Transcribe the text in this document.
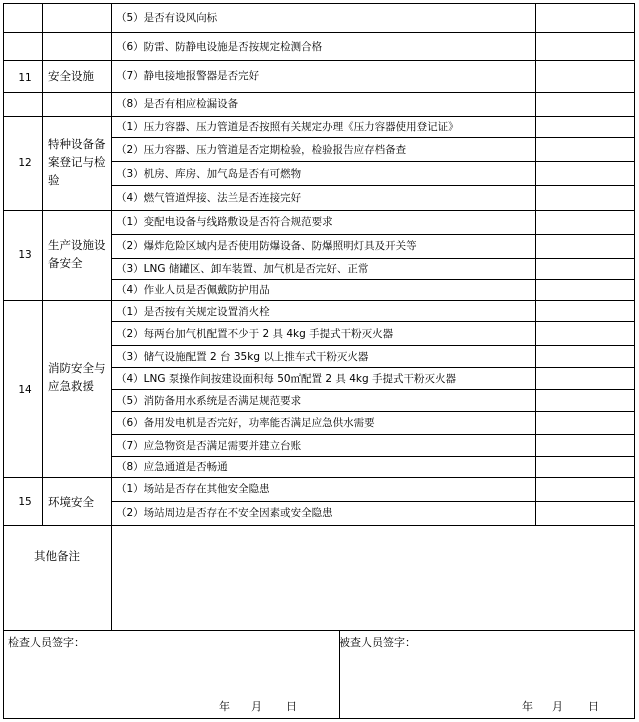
11	安全设施
（5）是否有设风向标
（6）防雷、防静电设施是否按规定检测合格
（7）静电接地报警器是否完好
（8）是否有相应检漏设备
12
特种设备备案登记与检验
（1）压力容器、压力管道是否按照有关规定办理《压力容器使用登记证》
（2）压力容器、压力管道是否定期检验，检验报告应存档备查
（3）机房、库房、加气岛是否有可燃物
（4）燃气管道焊接、法兰是否连接完好
13
生产设施设备安全
（1）变配电设备与线路敷设是否符合规范要求
（2）爆炸危险区域内是否使用防爆设备、防爆照明灯具及开关等
（3）LNG 储罐区、卸车装置、加气机是否完好、正常
（4）作业人员是否佩戴防护用品
14
消防安全与应急救援
（1）是否按有关规定设置消火栓
（2）每两台加气机配置不少于 2 具 4kg 手提式干粉灭火器
（3）储气设施配置 2 台 35kg 以上推车式干粉灭火器
（4）LNG 泵操作间按建设面积每 50㎡配置 2 具 4kg 手提式干粉灭火器
（5）消防备用水系统是否满足规范要求
（6）备用发电机是否完好，功率能否满足应急供水需要
（7）应急物资是否满足需要并建立台账
（8）应急通道是否畅通
15	环境安全
（1）场站是否存在其他安全隐患
（2）场站周边是否存在不安全因素或安全隐患
其他备注
检查人员签字：
年 月 日
被查人员签字：
年 月 日
